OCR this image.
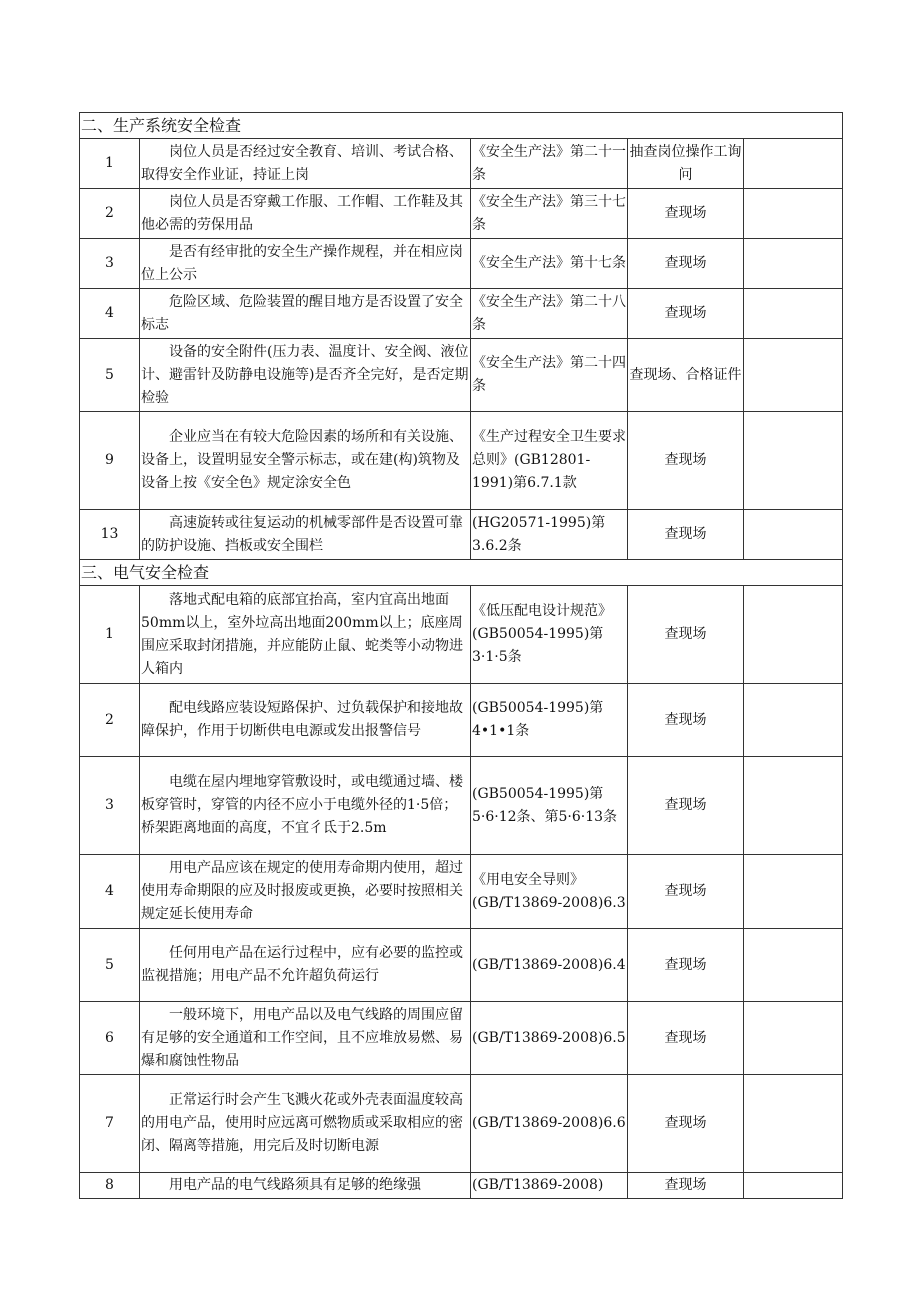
二、生产系统安全检查				
1	岗位人员是否经过安全教育、培训、考试合格、取得安全作业证，持证上岗	《安全生产法》第二十一条	抽查岗位操作工询问	
2	岗位人员是否穿戴工作服、工作帽、工作鞋及其他必需的劳保用品	《安全生产法》第三十七条	查现场	
3	是否有经审批的安全生产操作规程，并在相应岗位上公示	《安全生产法》第十七条	查现场	
4	危险区域、危险装置的醒目地方是否设置了安全标志	《安全生产法》第二十八条	查现场	
5	设备的安全附件(压力表、温度计、安全阀、液位计、避雷针及防静电设施等)是否齐全完好，是否定期检验	《安全生产法》第二十四条	查现场、合格证件	
9	企业应当在有较大危险因素的场所和有关设施、设备上，设置明显安全警示标志，或在建(构)筑物及设备上按《安全色》规定涂安全色	《生产过程安全卫生要求总则》(GB12801-1991)第6.7.1款	查现场	
13	高速旋转或往复运动的机械零部件是否设置可靠的防护设施、挡板或安全围栏	(HG20571-1995)第3.6.2条	查现场	
三、电气安全检查				
1	落地式配电箱的底部宜抬高，室内宜高出地面50mm以上，室外垃高出地面200mm以上；底座周围应采取封闭措施，并应能防止鼠、蛇类等小动物进人箱内	《低压配电设计规范》(GB50054-1995)第3·1·5条	查现场	
2	配电线路应装设短路保护、过负载保护和接地故障保护，作用于切断供电电源或发出报警信号	(GB50054-1995)第4•1•1条	查现场	
3	电缆在屋内埋地穿管敷设时，或电缆通过墙、楼板穿管时，穿管的内径不应小于电缆外径的1·5倍；桥架距离地面的高度，不宜彳氐于2.5m	(GB50054-1995)第5·6·12条、第5·6·13条	查现场	
4	用电产品应该在规定的使用寿命期内使用，超过使用寿命期限的应及时报废或更换，必要时按照相关规定延长使用寿命	《用电安全导则》(GB/T13869-2008)6.3	查现场	
5	任何用电产品在运行过程中，应有必要的监控或监视措施；用电产品不允许超负荷运行	(GB/T13869-2008)6.4	查现场	
6	一般环境下，用电产品以及电气线路的周围应留有足够的安全通道和工作空间，且不应堆放易燃、易爆和腐蚀性物品	(GB/T13869-2008)6.5	查现场	
7	正常运行时会产生飞溅火花或外壳表面温度较高的用电产品，使用时应远离可燃物质或采取相应的密闭、隔离等措施，用完后及时切断电源	(GB/T13869-2008)6.6	查现场	
8	用电产品的电气线路须具有足够的绝缘强	(GB/T13869-2008)	查现场	
